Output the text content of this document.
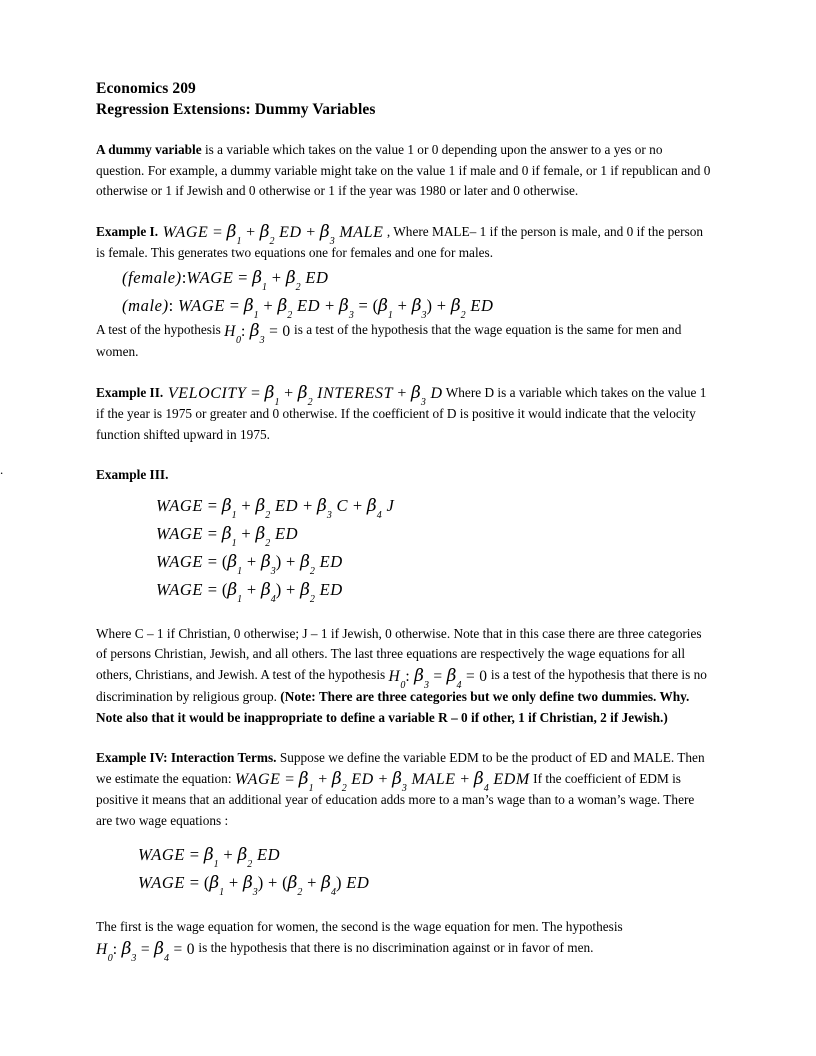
Economics 209
Regression Extensions: Dummy Variables

A dummy variable is a variable which takes on the value 1 or 0 depending upon the answer to a yes or no question. For example, a dummy variable might take on the value 1 if male and 0 if female, or 1 if republican and 0 otherwise or 1 if Jewish and 0 otherwise or 1 if the year was 1980 or later and 0 otherwise.

Example I. WAGE = $\beta_1 + \beta_2$ ED + $\beta_3$ MALE , Where MALE– 1 if the person is male, and 0 if the person is female. This generates two equations one for females and one for males.

(female):WAGE = $\beta_1 + \beta_2$ ED
(male): WAGE = $\beta_1 + \beta_2$ ED + $\beta_3 = (\beta_1 + \beta_3) + \beta_2$ ED

A test of the hypothesis $H_0$: $\beta_3 = 0$ is a test of the hypothesis that the wage equation is the same for men and women.

Example II. VELOCITY = $\beta_1 + \beta_2$ INTEREST + $\beta_3$ D Where D is a variable which takes on the value 1 if the year is 1975 or greater and 0 otherwise. If the coefficient of D is positive it would indicate that the velocity function shifted upward in 1975.

Example III.

WAGE = $\beta_1 + \beta_2$ ED + $\beta_3$ $C + \beta_4$ J
WAGE = $\beta_1 + \beta_2$ ED
WAGE = $(\beta_1 + \beta_3) + \beta_2$ ED
WAGE = $(\beta_1 + \beta_4) + \beta_2$ ED

Where C – 1 if Christian, 0 otherwise; J – 1 if Jewish, 0 otherwise. Note that in this case there are three categories of persons Christian, Jewish, and all others. The last three equations are respectively the wage equations for all others, Christians, and Jewish. A test of the hypothesis $H_0$: $\beta_3 = \beta_4 = 0$ is a test of the hypothesis that there is no discrimination by religious group. (Note: There are three categories but we only define two dummies. Why. Note also that it would be inappropriate to define a variable R – 0 if other, 1 if Christian, 2 if Jewish.)

Example IV: Interaction Terms. Suppose we define the variable EDM to be the product of ED and MALE. Then we estimate the equation: WAGE = $\beta_1 + \beta_2$ ED + $\beta_3$ MALE + $\beta_4$ EDM If the coefficient of EDM is positive it means that an additional year of education adds more to a man’s wage than to a woman’s wage. There are two wage equations :

WAGE = $\beta_1 + \beta_2$ ED
WAGE = $(\beta_1 + \beta_3) + (\beta_2 + \beta_4)$ ED

The first is the wage equation for women, the second is the wage equation for men. The hypothesis
$H_0$: $\beta_3 = \beta_4 = 0$ is the hypothesis that there is no discrimination against or in favor of men.

.
